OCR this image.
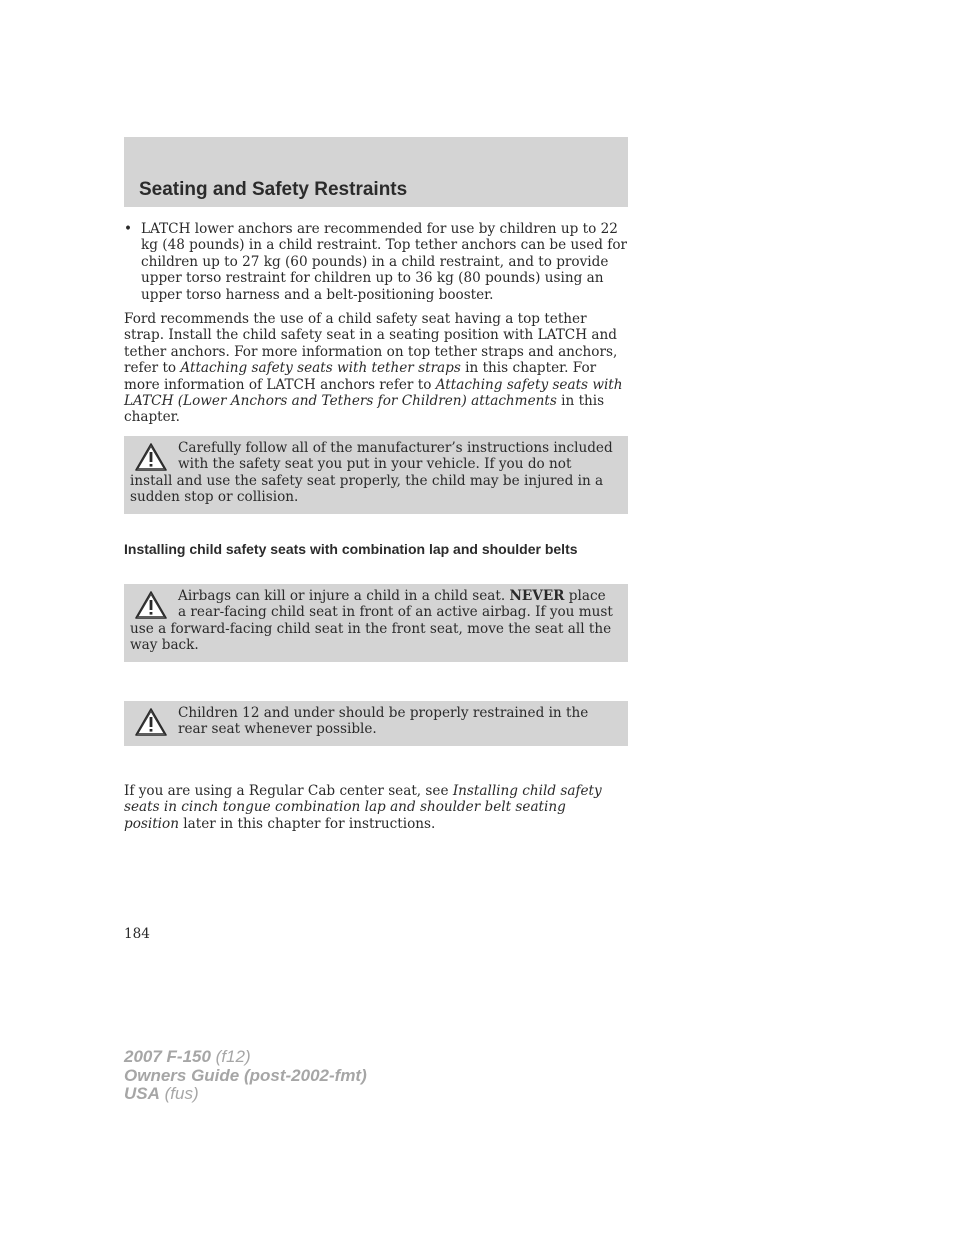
Seating and Safety Restraints
• LATCH lower anchors are recommended for use by children up to 22 kg (48 pounds) in a child restraint. Top tether anchors can be used for children up to 27 kg (60 pounds) in a child restraint, and to provide upper torso restraint for children up to 36 kg (80 pounds) using an upper torso harness and a belt-positioning booster.
Ford recommends the use of a child safety seat having a top tether strap. Install the child safety seat in a seating position with LATCH and tether anchors. For more information on top tether straps and anchors, refer to Attaching safety seats with tether straps in this chapter. For more information of LATCH anchors refer to Attaching safety seats with LATCH (Lower Anchors and Tethers for Children) attachments in this chapter.
Carefully follow all of the manufacturer’s instructions included with the safety seat you put in your vehicle. If you do not install and use the safety seat properly, the child may be injured in a sudden stop or collision.
Installing child safety seats with combination lap and shoulder belts
Airbags can kill or injure a child in a child seat. NEVER place a rear-facing child seat in front of an active airbag. If you must use a forward-facing child seat in the front seat, move the seat all the way back.
Children 12 and under should be properly restrained in the rear seat whenever possible.
If you are using a Regular Cab center seat, see Installing child safety seats in cinch tongue combination lap and shoulder belt seating position later in this chapter for instructions.
184
2007 F-150 (f12)
Owners Guide (post-2002-fmt)
USA (fus)
